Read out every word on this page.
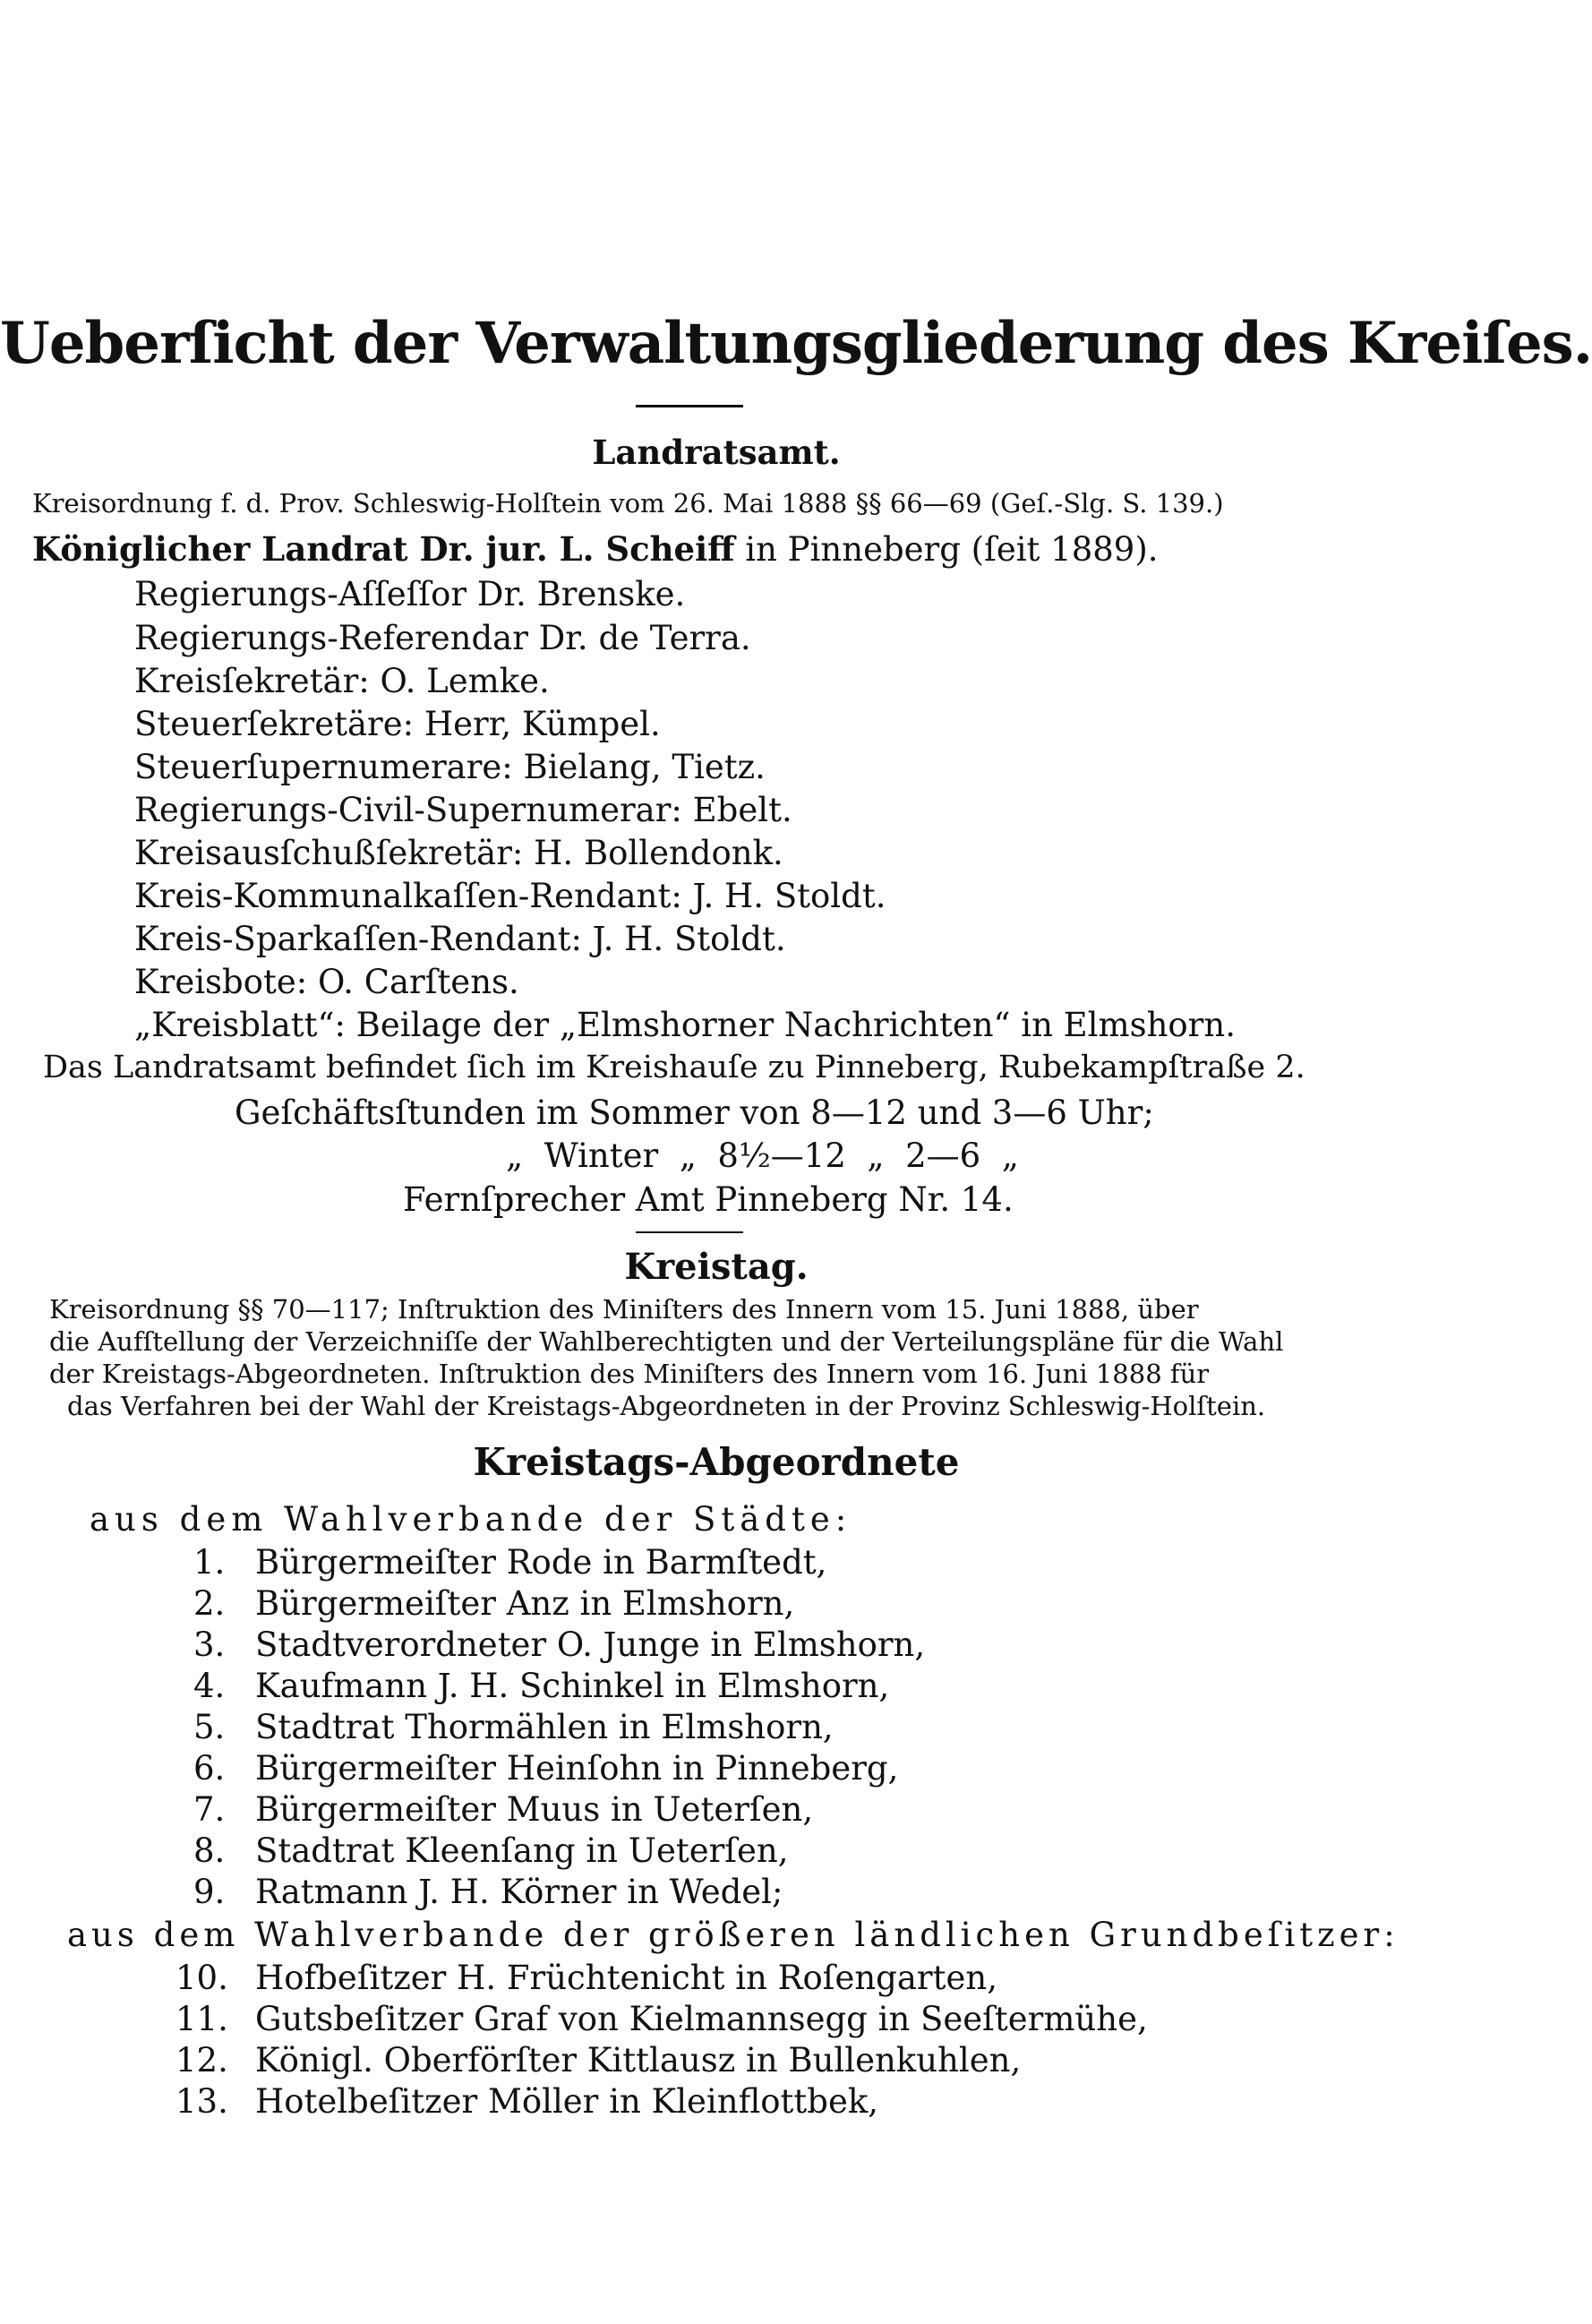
Ueberſicht der Verwaltungsgliederung des Kreiſes.
Landratsamt.
Kreisordnung f. d. Prov. Schleswig-Holſtein vom 26. Mai 1888 §§ 66—69 (Geſ.-Slg. S. 139.)
Königlicher Landrat Dr. jur. L. Scheiff in Pinneberg (ſeit 1889).
Regierungs-Aſſeſſor Dr. Brenske.
Regierungs-Referendar Dr. de Terra.
Kreisſekretär: O. Lemke.
Steuerſekretäre: Herr, Kümpel.
Steuerſupernumerare: Bielang, Tietz.
Regierungs-Civil-Supernumerar: Ebelt.
Kreisausſchußſekretär: H. Bollendonk.
Kreis-Kommunalkaſſen-Rendant: J. H. Stoldt.
Kreis-Sparkaſſen-Rendant: J. H. Stoldt.
Kreisbote: O. Carſtens.
„Kreisblatt“: Beilage der „Elmshorner Nachrichten“ in Elmshorn.
Das Landratsamt befindet ſich im Kreishauſe zu Pinneberg, Rubekampſtraße 2.
Geſchäftsſtunden im Sommer von 8—12 und 3—6 Uhr;
„  Winter  „  8½—12  „  2—6  „
Fernſprecher Amt Pinneberg Nr. 14.
Kreistag.
Kreisordnung §§ 70—117; Inſtruktion des Miniſters des Innern vom 15. Juni 1888, über
die Aufſtellung der Verzeichniſſe der Wahlberechtigten und der Verteilungspläne für die Wahl
der Kreistags-Abgeordneten. Inſtruktion des Miniſters des Innern vom 16. Juni 1888 für
das Verfahren bei der Wahl der Kreistags-Abgeordneten in der Provinz Schleswig-Holſtein.
Kreistags-Abgeordnete
aus dem Wahlverbande der Städte:
1. Bürgermeiſter Rode in Barmſtedt,
2. Bürgermeiſter Anz in Elmshorn,
3. Stadtverordneter O. Junge in Elmshorn,
4. Kaufmann J. H. Schinkel in Elmshorn,
5. Stadtrat Thormählen in Elmshorn,
6. Bürgermeiſter Heinſohn in Pinneberg,
7. Bürgermeiſter Muus in Ueterſen,
8. Stadtrat Kleenſang in Ueterſen,
9. Ratmann J. H. Körner in Wedel;
aus dem Wahlverbande der größeren ländlichen Grundbeſitzer:
10. Hofbeſitzer H. Früchtenicht in Roſengarten,
11. Gutsbeſitzer Graf von Kielmannsegg in Seeſtermühe,
12. Königl. Oberförſter Kittlausz in Bullenkuhlen,
13. Hotelbeſitzer Möller in Kleinflottbek,
